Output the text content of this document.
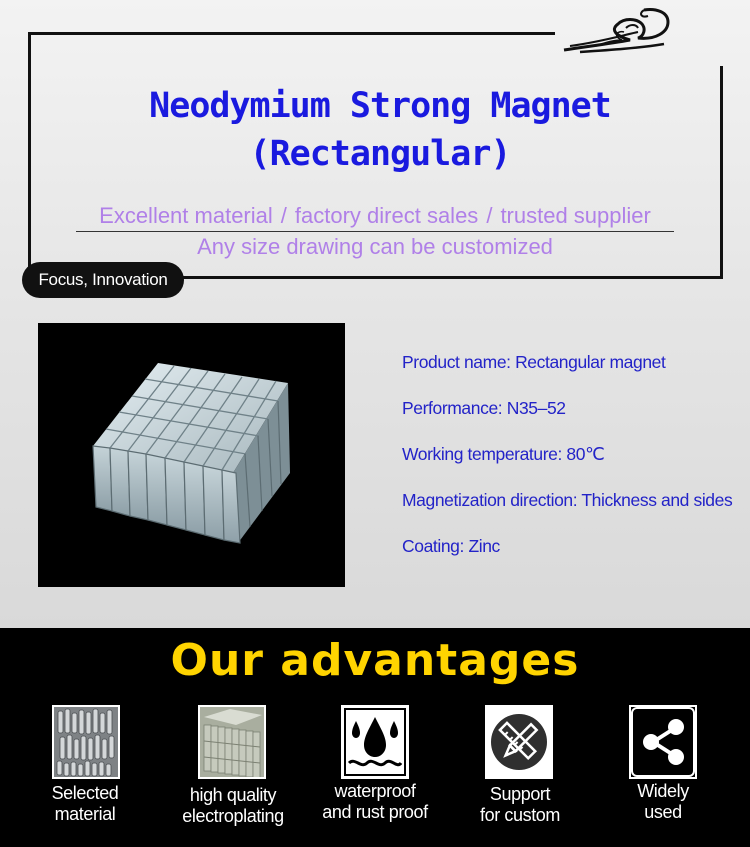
Neodymium Strong Magnet
(Rectangular)
Excellent material / factory direct sales / trusted supplier
Any size drawing can be customized
Focus, Innovation
Product name: Rectangular magnet
Performance: N35–52
Working temperature: 80℃
Magnetization direction: Thickness and sides
Coating: Zinc
Our advantages
Selected
material
high quality
electroplating
waterproof
and rust proof
Support
for custom
Widely
used
